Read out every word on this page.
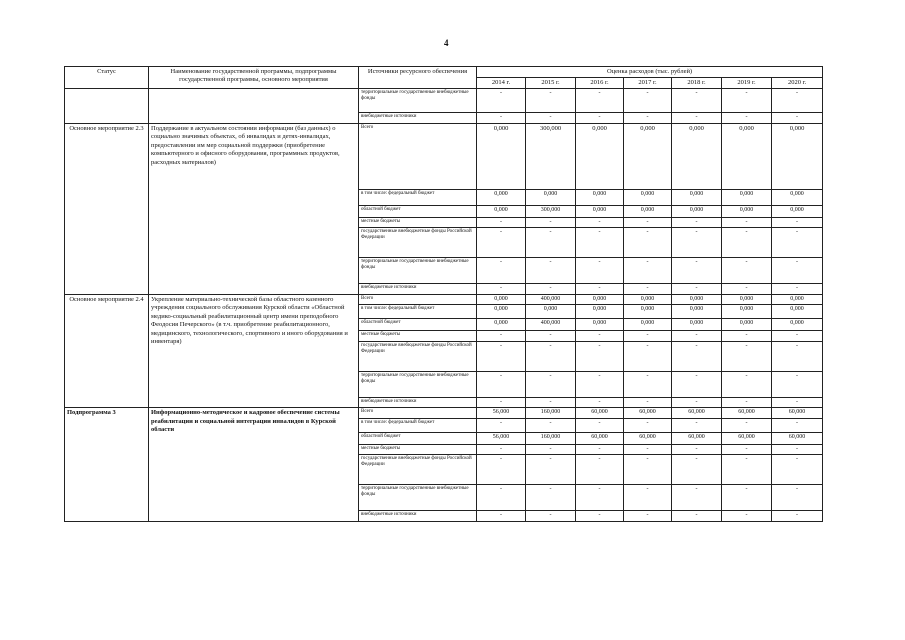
4
Статус	Наименование государственной программы, подпрограммы государственной программы, основного мероприятия	Источники ресурсного обеспечения	Оценка расходов (тыс. рублей)						
			2014 г.	2015 г.	2016 г.	2017 г.	2018 г.	2019 г.	2020 г.
		территориальные государственные внебюджетные фонды	-	-	-	-	-	-	-
		внебюджетные источники	-	-	-	-	-	-	-
Основное мероприятие 2.3	Поддержание в актуальном состоянии информации (баз данных) о социально значимых объектах, об инвалидах и детях-инвалидах, предоставлении им мер социальной поддержки (приобретение компьютерного и офисного оборудования, программных продуктов, расходных материалов)	Всего	0,000	300,000	0,000	0,000	0,000	0,000	0,000
		в том числе: федеральный бюджет	0,000	0,000	0,000	0,000	0,000	0,000	0,000
		областной бюджет	0,000	300,000	0,000	0,000	0,000	0,000	0,000
		местные бюджеты	-	-	-	-	-	-	-
		государственные внебюджетные фонды Российской Федерации	-	-	-	-	-	-	-
		территориальные государственные внебюджетные фонды	-	-	-	-	-	-	-
		внебюджетные источники	-	-	-	-	-	-	-
Основное мероприятие 2.4	Укрепление материально-технической базы областного казенного учреждения социального обслуживания Курской области «Областной медико-социальный реабилитационный центр имени преподобного Феодосия Печерского» (в т.ч. приобретение реабилитационного, медицинского, технологического, спортивного и иного оборудования и инвентаря)	Всего	0,000	400,000	0,000	0,000	0,000	0,000	0,000
		в том числе: федеральный бюджет	0,000	0,000	0,000	0,000	0,000	0,000	0,000
		областной бюджет	0,000	400,000	0,000	0,000	0,000	0,000	0,000
		местные бюджеты	-	-	-	-	-	-	-
		государственные внебюджетные фонды Российской Федерации	-	-	-	-	-	-	-
		территориальные государственные внебюджетные фонды	-	-	-	-	-	-	-
		внебюджетные источники	-	-	-	-	-	-	-
Подпрограмма 3	Информационно-методическое и кадровое обеспечение системы реабилитации и социальной интеграции инвалидов в Курской области	Всего	56,000	160,000	60,000	60,000	60,000	60,000	60,000
		в том числе: федеральный бюджет	-	-	-	-	-	-	-
		областной бюджет	56,000	160,000	60,000	60,000	60,000	60,000	60,000
		местные бюджеты	-	-	-	-	-	-	-
		государственные внебюджетные фонды Российской Федерации	-	-	-	-	-	-	-
		территориальные государственные внебюджетные фонды	-	-	-	-	-	-	-
		внебюджетные источники	-	-	-	-	-	-	-
